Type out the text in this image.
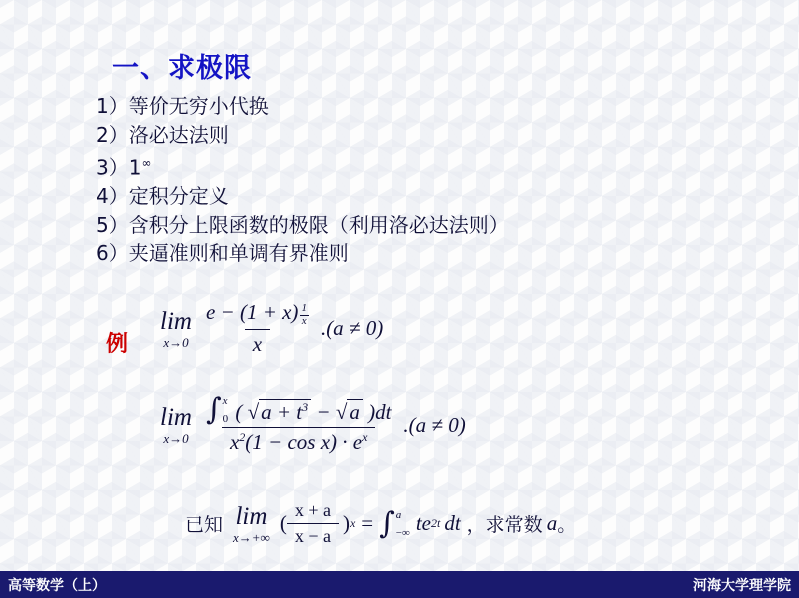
一、求极限
1）等价无穷小代换
2）洛必达法则
3）1∞
4）定积分定义
5）含积分上限函数的极限（利用洛必达法则）
6）夹逼准则和单调有界准则
例
lim
$x\to 0 \frac{e - (1 + x) \frac{1}{x}}{x} .(a \ne 0)$
lim
x→0
∫ x
0 ( $√a + t^3 - √a$ )dt
$x^2(1 - \cos x) \cdot e^x$
.(a ≠ 0)
已知 lim
x→+∞
( $\frac{x + a}{x - a}$ ) x = ∫ a
−∞ te 2t dt ，求常数 a 。
高等数学（上）	河海大学理学院
